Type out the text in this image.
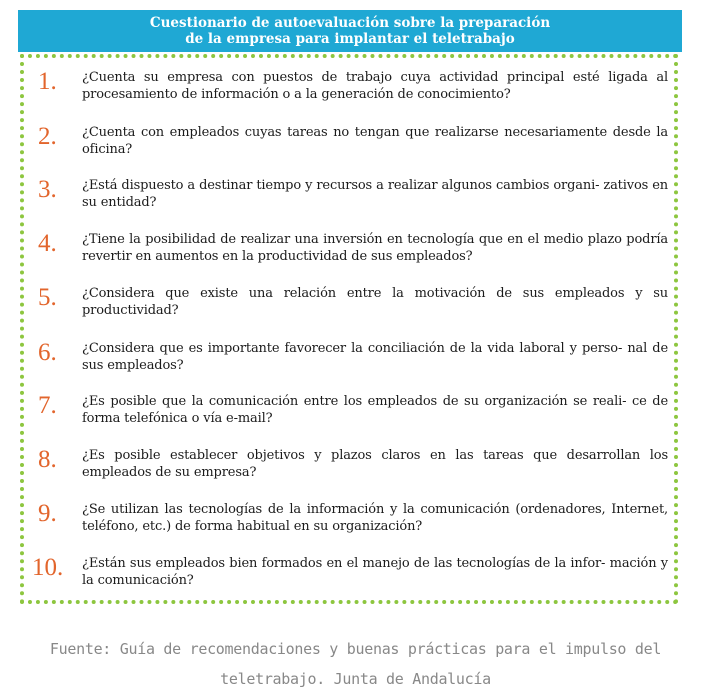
Cuestionario de autoevaluación sobre la preparación
de la empresa para implantar el teletrabajo
1.	¿Cuenta su empresa con puestos de trabajo cuya actividad principal esté ligada al procesamiento de información o a la generación de conocimiento?
2.	¿Cuenta con empleados cuyas tareas no tengan que realizarse necesariamente desde la oficina?
3.	¿Está dispuesto a destinar tiempo y recursos a realizar algunos cambios organi- zativos en su entidad?
4.	¿Tiene la posibilidad de realizar una inversión en tecnología que en el medio plazo podría revertir en aumentos en la productividad de sus empleados?
5.	¿Considera que existe una relación entre la motivación de sus empleados y su productividad?
6.	¿Considera que es importante favorecer la conciliación de la vida laboral y perso- nal de sus empleados?
7.	¿Es posible que la comunicación entre los empleados de su organización se reali- ce de forma telefónica o vía e-mail?
8.	¿Es posible establecer objetivos y plazos claros en las tareas que desarrollan los empleados de su empresa?
9.	¿Se utilizan las tecnologías de la información y la comunicación (ordenadores, Internet, teléfono, etc.) de forma habitual en su organización?
10.	¿Están sus empleados bien formados en el manejo de las tecnologías de la infor- mación y la comunicación?
Fuente: Guía de recomendaciones y buenas prácticas para el impulso del
teletrabajo. Junta de Andalucía
